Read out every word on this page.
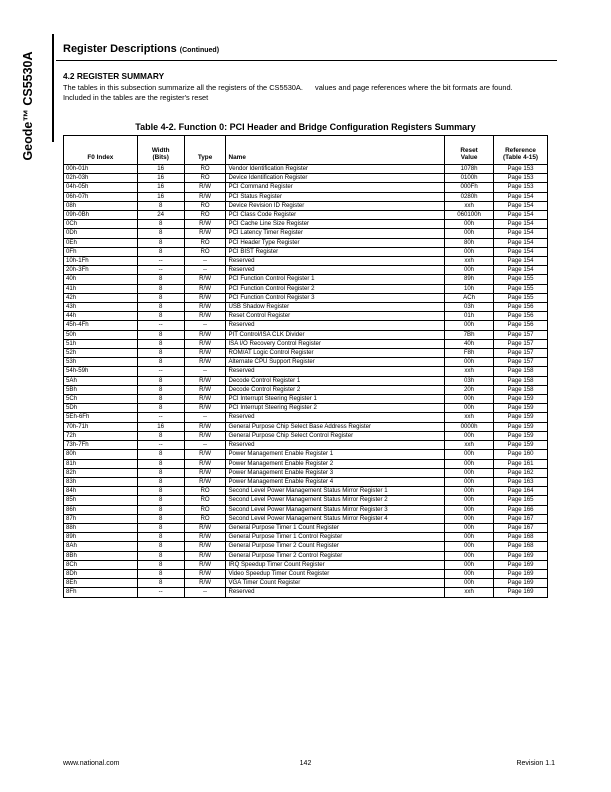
Geode™ CS5530A
Register Descriptions (Continued)
4.2 REGISTER SUMMARY
The tables in this subsection summarize all the registers of the CS5530A. Included in the tables are the register's reset
values and page references where the bit formats are found.
Table 4-2. Function 0: PCI Header and Bridge Configuration Registers Summary
F0 Index	Width
(Bits)	Type	Name	Reset
Value	Reference
(Table 4-15)
00h-01h	16	RO	Vendor Identification Register	1078h	Page 153
02h-03h	16	RO	Device Identification Register	0100h	Page 153
04h-05h	16	R/W	PCI Command Register	000Fh	Page 153
06h-07h	16	R/W	PCI Status Register	0280h	Page 154
08h	8	RO	Device Revision ID Register	xxh	Page 154
09h-0Bh	24	RO	PCI Class Code Register	060100h	Page 154
0Ch	8	R/W	PCI Cache Line Size Register	00h	Page 154
0Dh	8	R/W	PCI Latency Timer Register	00h	Page 154
0Eh	8	RO	PCI Header Type Register	80h	Page 154
0Fh	8	RO	PCI BIST Register	00h	Page 154
10h-1Fh	--	--	Reserved	xxh	Page 154
20h-3Fh	--	--	Reserved	00h	Page 154
40h	8	R/W	PCI Function Control Register 1	89h	Page 155
41h	8	R/W	PCI Function Control Register 2	10h	Page 155
42h	8	R/W	PCI Function Control Register 3	ACh	Page 155
43h	8	R/W	USB Shadow Register	03h	Page 156
44h	8	R/W	Reset Control Register	01h	Page 156
45h-4Fh	--	--	Reserved	00h	Page 156
50h	8	R/W	PIT Control/ISA CLK Divider	7Bh	Page 157
51h	8	R/W	ISA I/O Recovery Control Register	40h	Page 157
52h	8	R/W	ROM/AT Logic Control Register	F8h	Page 157
53h	8	R/W	Alternate CPU Support Register	00h	Page 157
54h-59h	--	--	Reserved	xxh	Page 158
5Ah	8	R/W	Decode Control Register 1	03h	Page 158
5Bh	8	R/W	Decode Control Register 2	20h	Page 158
5Ch	8	R/W	PCI Interrupt Steering Register 1	00h	Page 159
5Dh	8	R/W	PCI Interrupt Steering Register 2	00h	Page 159
5Eh-6Fh	--	--	Reserved	xxh	Page 159
70h-71h	16	R/W	General Purpose Chip Select Base Address Register	0000h	Page 159
72h	8	R/W	General Purpose Chip Select Control Register	00h	Page 159
73h-7Fh	--	--	Reserved	xxh	Page 159
80h	8	R/W	Power Management Enable Register 1	00h	Page 160
81h	8	R/W	Power Management Enable Register 2	00h	Page 161
82h	8	R/W	Power Management Enable Register 3	00h	Page 162
83h	8	R/W	Power Management Enable Register 4	00h	Page 163
84h	8	RO	Second Level Power Management Status Mirror Register 1	00h	Page 164
85h	8	RO	Second Level Power Management Status Mirror Register 2	00h	Page 165
86h	8	RO	Second Level Power Management Status Mirror Register 3	00h	Page 166
87h	8	RO	Second Level Power Management Status Mirror Register 4	00h	Page 167
88h	8	R/W	General Purpose Timer 1 Count Register	00h	Page 167
89h	8	R/W	General Purpose Timer 1 Control Register	00h	Page 168
8Ah	8	R/W	General Purpose Timer 2 Count Register	00h	Page 168
8Bh	8	R/W	General Purpose Timer 2 Control Register	00h	Page 169
8Ch	8	R/W	IRQ Speedup Timer Count Register	00h	Page 169
8Dh	8	R/W	Video Speedup Timer Count Register	00h	Page 169
8Eh	8	R/W	VGA Timer Count Register	00h	Page 169
8Fh	--	--	Reserved	xxh	Page 169
www.national.com	142	Revision 1.1
